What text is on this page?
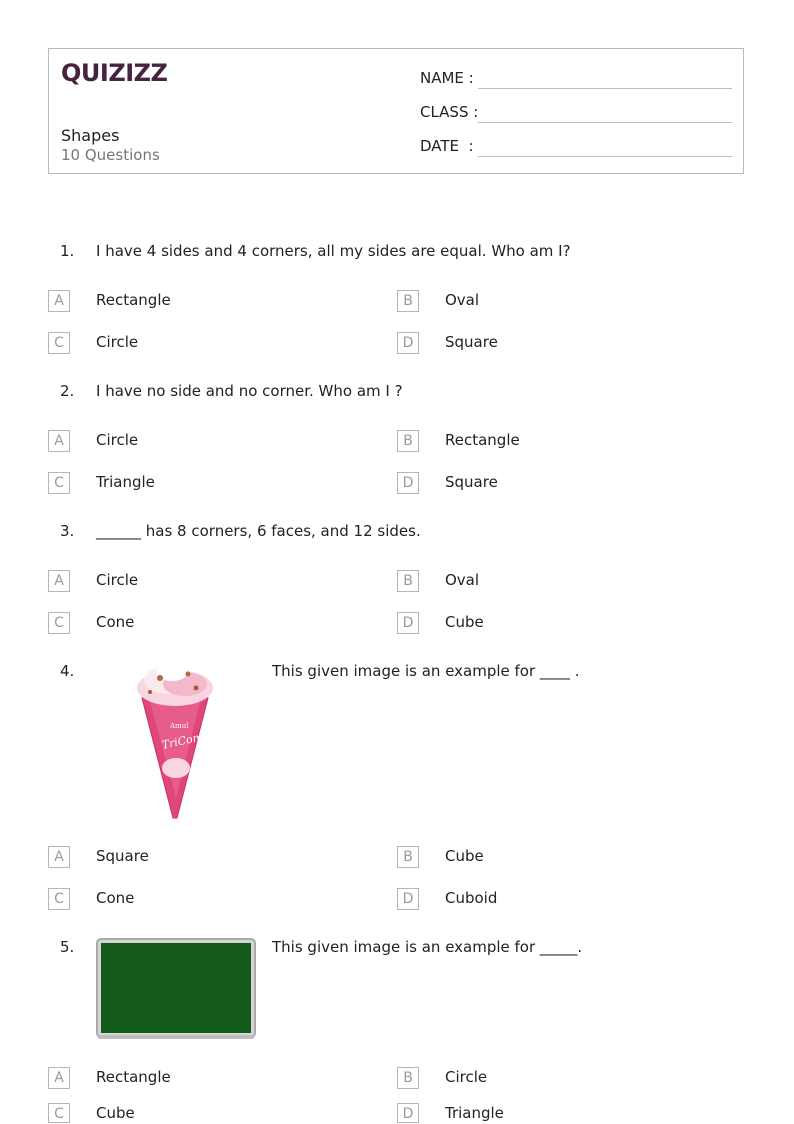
QUIZIZZ
Shapes
10 Questions
NAME :
CLASS :
DATE  :
1. I have 4 sides and 4 corners, all my sides are equal. Who am I?
A	Rectangle	B	Oval
C	Circle	D	Square
2. I have no side and no corner. Who am I ?
A	Circle	B	Rectangle
C	Triangle	D	Square
3. ______ has 8 corners, 6 faces, and 12 sides.
A	Circle	B	Oval
C	Cone	D	Cube
4.
Amul
TriCone
This given image is an example for ____ .
A	Square	B	Cube
C	Cone	D	Cuboid
5.	This given image is an example for _____.
A	Rectangle	B	Circle
C	Cube	D	Triangle
